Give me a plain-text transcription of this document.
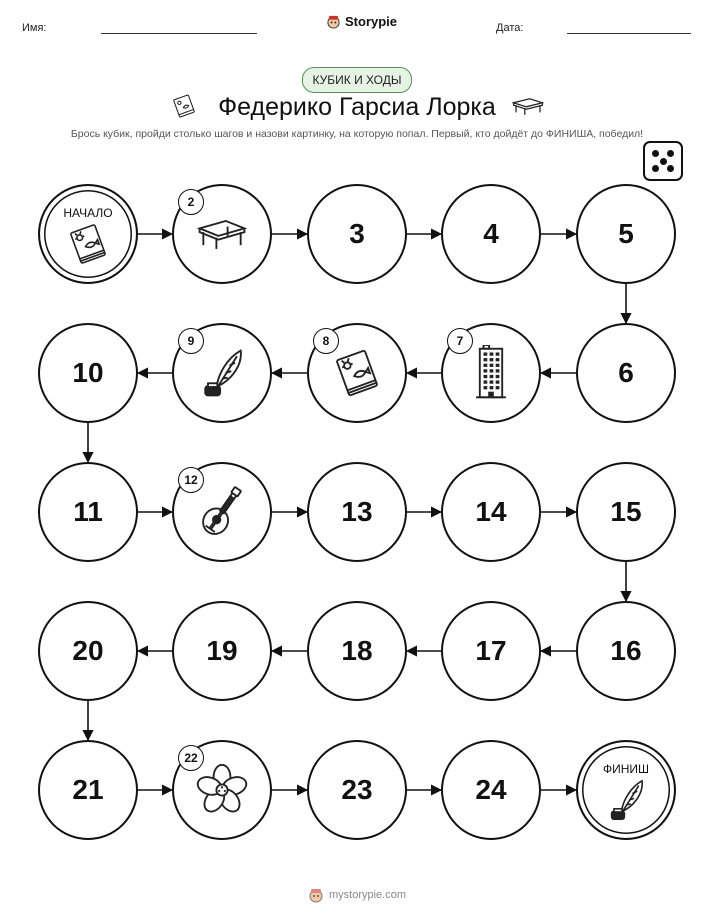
Имя:	Storypie	Дата:
КУБИК И ХОДЫ
Федерико Гарсиа Лорка
Брось кубик, пройди столько шагов и назови картинку, на которую попал. Первый, кто дойдёт до ФИНИША, победил!
НАЧАЛО
2
3	4	5
6
7
8
9
10
11
12
13	14	15
16
17
18
19
20
21
22
23	24
ФИНИШ
mystorypie.com
